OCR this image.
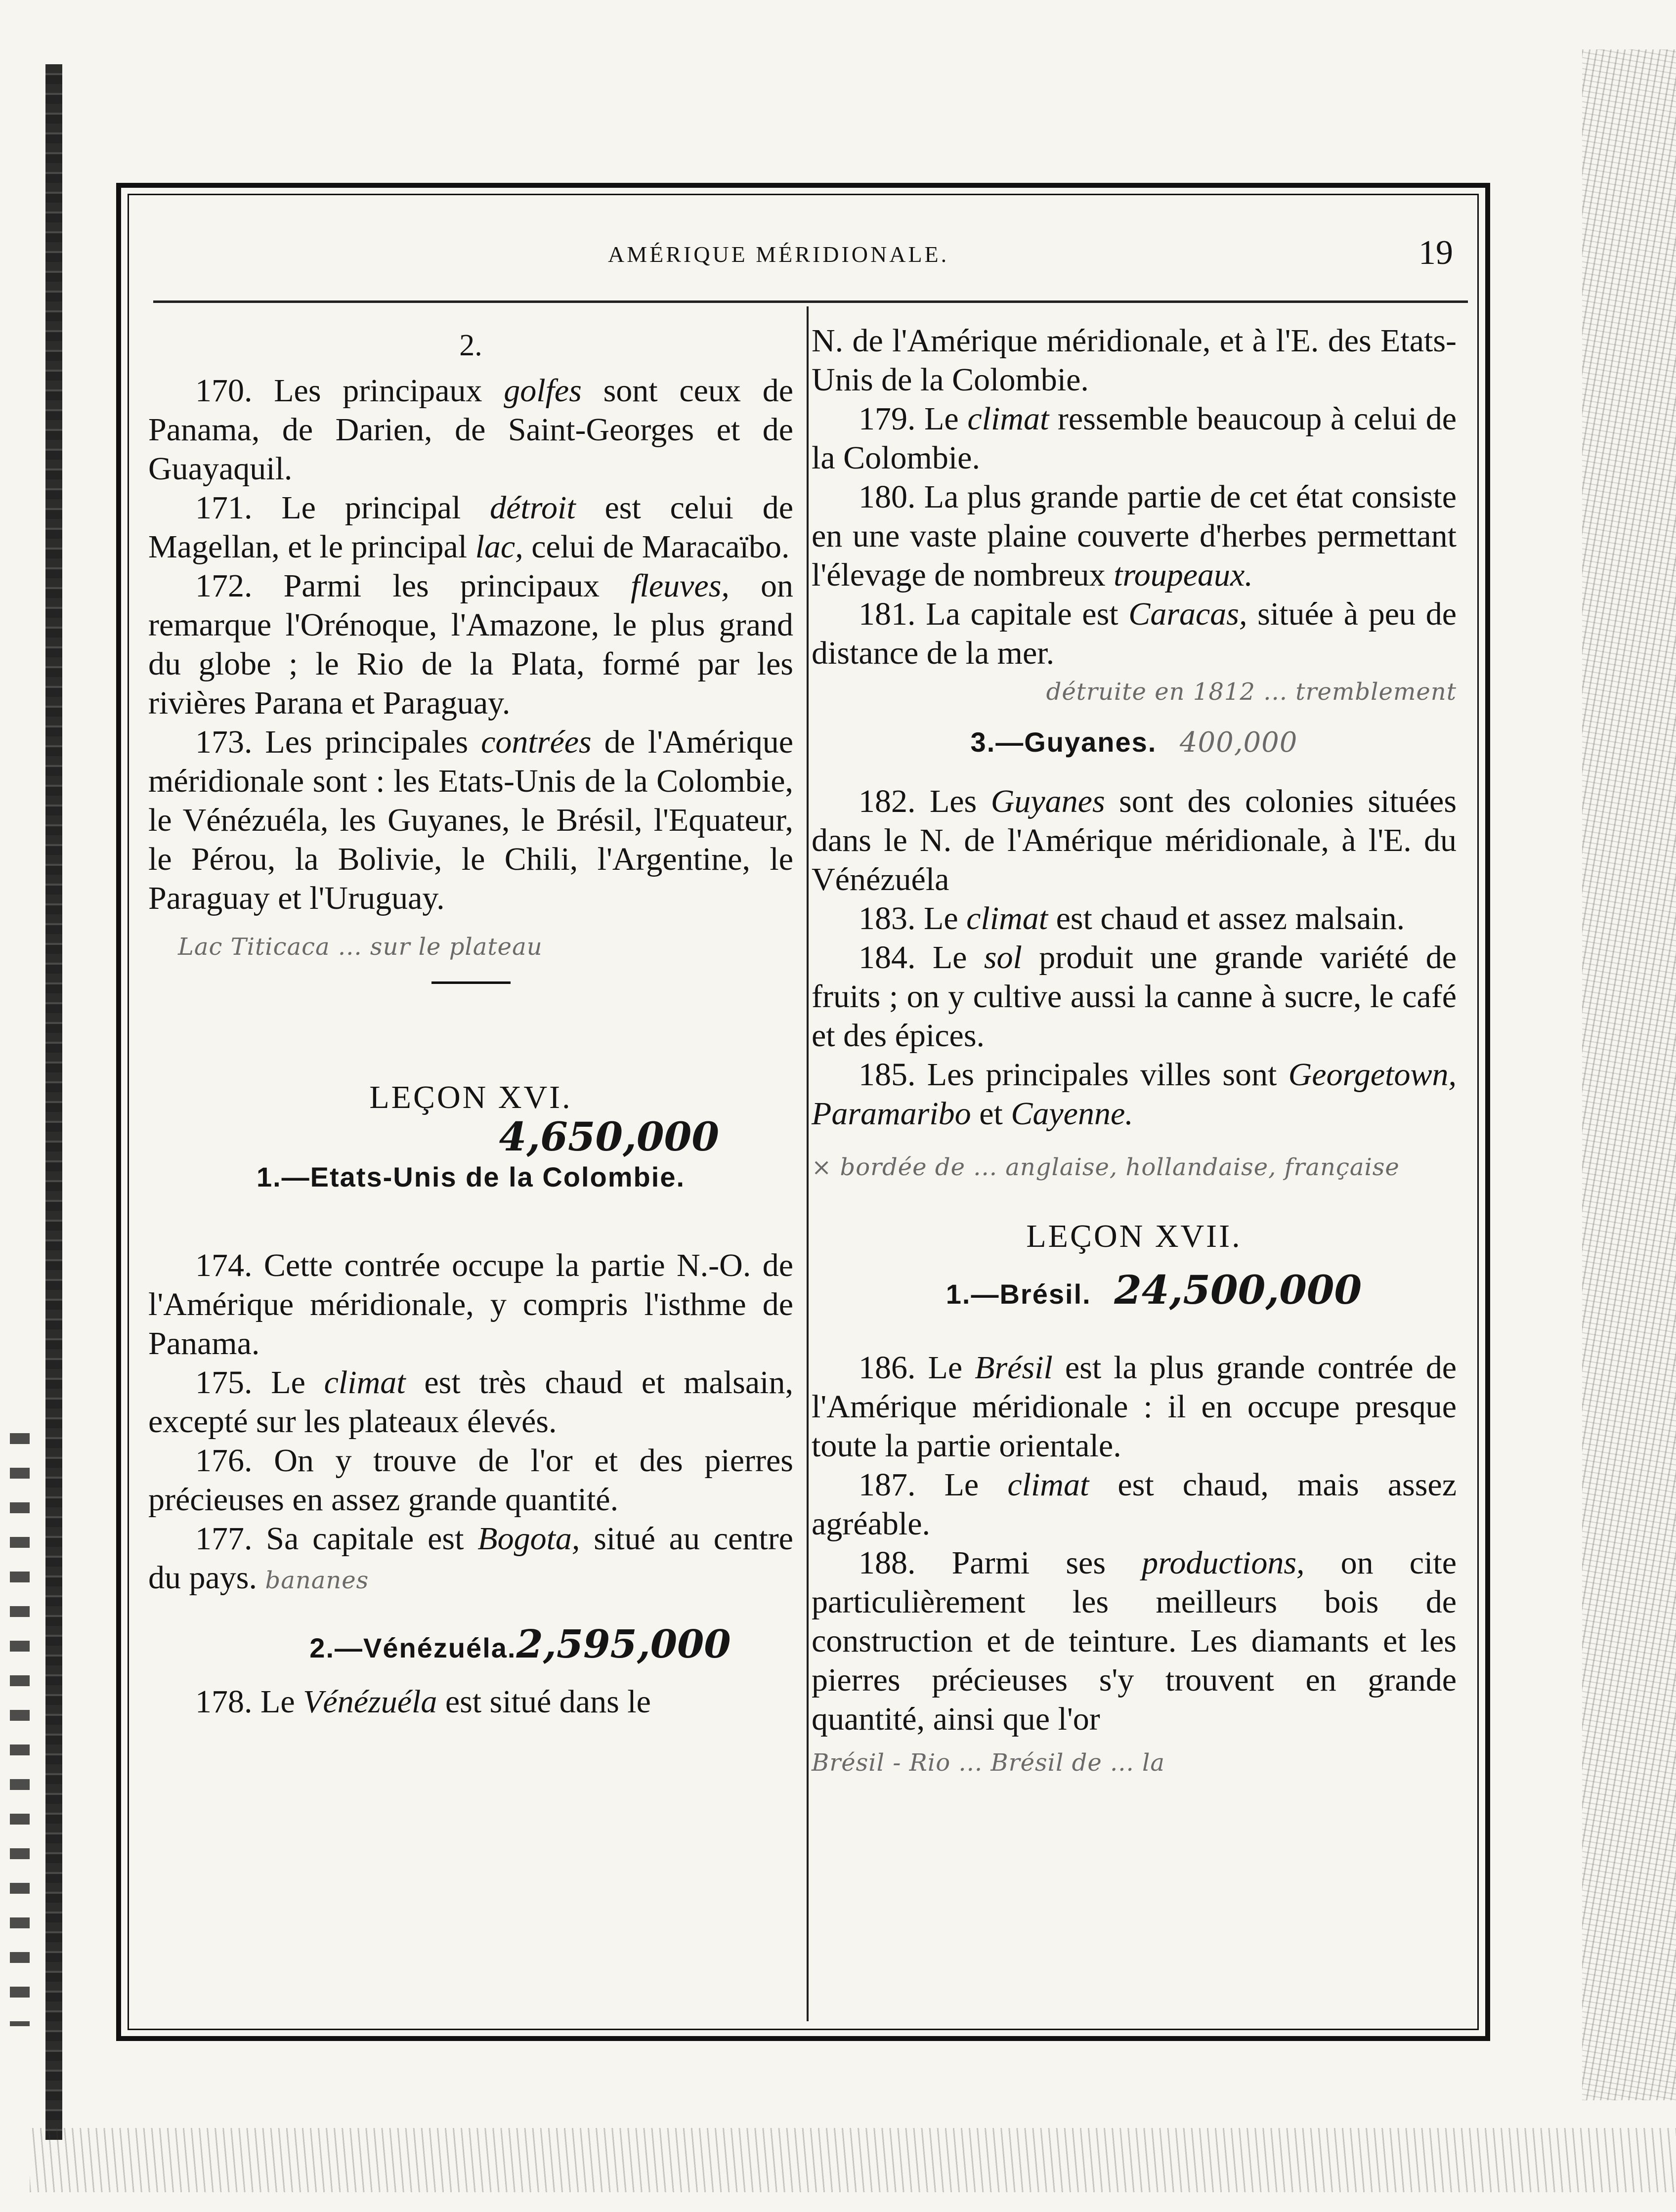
AMÉRIQUE MÉRIDIONALE.	19
2.

170. Les principaux golfes sont ceux de Panama, de Darien, de Saint-Georges et de Guayaquil.

171. Le principal détroit est celui de Magellan, et le principal lac, celui de Maracaïbo.

172. Parmi les principaux fleuves, on remarque l'Orénoque, l'Amazone, le plus grand du globe ; le Rio de la Plata, formé par les rivières Parana et Paraguay.

173. Les principales contrées de l'Amérique méridionale sont : les Etats-Unis de la Colombie, le Vénézuéla, les Guyanes, le Brésil, l'Equateur, le Pérou, la Bolivie, le Chili, l'Argentine, le Paraguay et l'Uruguay.

Lac Titicaca ... sur le plateau
LEÇON XVI.
4,650,000
1.—Etats-Unis de la Colombie.

174. Cette contrée occupe la partie N.-O. de l'Amérique méridionale, y compris l'isthme de Panama.

175. Le climat est très chaud et malsain, excepté sur les plateaux élevés.

176. On y trouve de l'or et des pierres précieuses en assez grande quantité.

177. Sa capitale est Bogota, situé au centre du pays. bananes

2.—Vénézuéla.2,595,000

178. Le Vénézuéla est situé dans le

N. de l'Amérique méridionale, et à l'E. des Etats-Unis de la Colombie.

179. Le climat ressemble beaucoup à celui de la Colombie.

180. La plus grande partie de cet état consiste en une vaste plaine couverte d'herbes permettant l'élevage de nombreux troupeaux.

181. La capitale est Caracas, située à peu de distance de la mer.

détruite en 1812 ... tremblement
3.—Guyanes. 400,000

182. Les Guyanes sont des colonies situées dans le N. de l'Amérique méridionale, à l'E. du Vénézuéla

183. Le climat est chaud et assez malsain.

184. Le sol produit une grande variété de fruits ; on y cultive aussi la canne à sucre, le café et des épices.

185. Les principales villes sont Georgetown, Paramaribo et Cayenne.

× bordée de ... anglaise, hollandaise, française
LEÇON XVII.
1.—Brésil. 24,500,000

186. Le Brésil est la plus grande contrée de l'Amérique méridionale : il en occupe presque toute la partie orientale.

187. Le climat est chaud, mais assez agréable.

188. Parmi ses productions, on cite particulièrement les meilleurs bois de construction et de teinture. Les diamants et les pierres précieuses s'y trouvent en grande quantité, ainsi que l'or

Brésil - Rio ... Brésil de ... la
